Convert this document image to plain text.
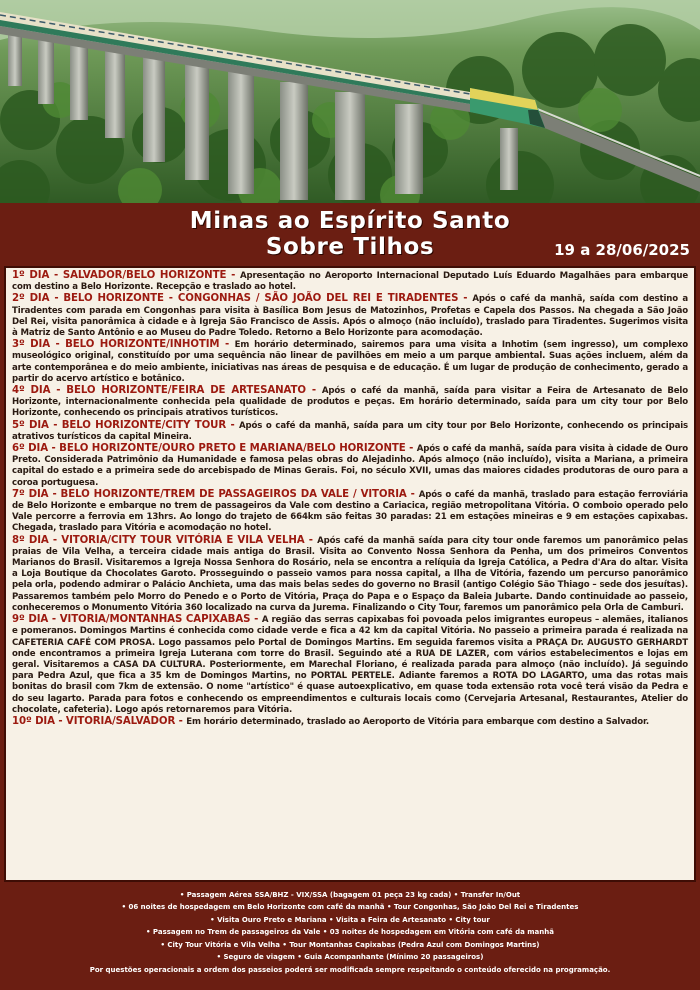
Minas ao Espírito Santo
Sobre Tilhos	19 a 28/06/2025

1º DIA - SALVADOR/BELO HORIZONTE - Apresentação no Aeroporto Internacional Deputado Luís Eduardo Magalhães para embarque com destino a Belo Horizonte. Recepção e traslado ao hotel.

2º DIA - BELO HORIZONTE - CONGONHAS / SÃO JOÃO DEL REI E TIRADENTES - Após o café da manhã, saída com destino a Tiradentes com parada em Congonhas para visita à Basílica Bom Jesus de Matozinhos, Profetas e Capela dos Passos. Na chegada a São João Del Rei, visita panorâmica à cidade e à Igreja São Francisco de Assis. Após o almoço (não incluído), traslado para Tiradentes. Sugerimos visita à Matriz de Santo Antônio e ao Museu do Padre Toledo. Retorno a Belo Horizonte para acomodação.

3º DIA - BELO HORIZONTE/INHOTIM - Em horário determinado, sairemos para uma visita a Inhotim (sem ingresso), um complexo museológico original, constituído por uma sequência não linear de pavilhões em meio a um parque ambiental. Suas ações incluem, além da arte contemporânea e do meio ambiente, iniciativas nas áreas de pesquisa e de educação. É um lugar de produção de conhecimento, gerado a partir do acervo artístico e botânico.

4º DIA - BELO HORIZONTE/FEIRA DE ARTESANATO - Após o café da manhã, saída para visitar a Feira de Artesanato de Belo Horizonte, internacionalmente conhecida pela qualidade de produtos e peças. Em horário determinado, saída para um city tour por Belo Horizonte, conhecendo os principais atrativos turísticos.

5º DIA - BELO HORIZONTE/CITY TOUR - Após o café da manhã, saída para um city tour por Belo Horizonte, conhecendo os principais atrativos turísticos da capital Mineira.

6º DIA - BELO HORIZONTE/OURO PRETO E MARIANA/BELO HORIZONTE - Após o café da manhã, saída para visita à cidade de Ouro Preto. Considerada Patrimônio da Humanidade e famosa pelas obras do Alejadinho. Após almoço (não incluído), visita a Mariana, a primeira capital do estado e a primeira sede do arcebispado de Minas Gerais. Foi, no século XVII, umas das maiores cidades produtoras de ouro para a coroa portuguesa.

7º DIA - BELO HORIZONTE/TREM DE PASSAGEIROS DA VALE / VITORIA - Após o café da manhã, traslado para estação ferroviária de Belo Horizonte e embarque no trem de passageiros da Vale com destino a Cariacica, região metropolitana Vitória. O comboio operado pelo Vale percorre a ferrovia em 13hrs. Ao longo do trajeto de 664km são feitas 30 paradas: 21 em estações mineiras e 9 em estações capixabas. Chegada, traslado para Vitória e acomodação no hotel.

8º DIA - VITORIA/CITY TOUR VITÓRIA E VILA VELHA - Após café da manhã saída para city tour onde faremos um panorâmico pelas praias de Vila Velha, a terceira cidade mais antiga do Brasil. Visita ao Convento Nossa Senhora da Penha, um dos primeiros Conventos Marianos do Brasil. Visitaremos a Igreja Nossa Senhora do Rosário, nela se encontra a relíquia da Igreja Católica, a Pedra d'Ara do altar. Visita a Loja Boutique da Chocolates Garoto. Prosseguindo o passeio vamos para nossa capital, a Ilha de Vitória, fazendo um percurso panorâmico pela orla, podendo admirar o Palácio Anchieta, uma das mais belas sedes do governo no Brasil (antigo Colégio São Thiago – sede dos jesuítas). Passaremos também pelo Morro do Penedo e o Porto de Vitória, Praça do Papa e o Espaço da Baleia Jubarte. Dando continuidade ao passeio, conheceremos o Monumento Vitória 360 localizado na curva da Jurema. Finalizando o City Tour, faremos um panorâmico pela Orla de Camburi.

9º DIA - VITORIA/MONTANHAS CAPIXABAS - A região das serras capixabas foi povoada pelos imigrantes europeus – alemães, italianos e pomeranos. Domingos Martins é conhecida como cidade verde e fica a 42 km da capital Vitória. No passeio a primeira parada é realizada na CAFETERIA CAFÉ COM PROSA. Logo passamos pelo Portal de Domingos Martins. Em seguida faremos visita a PRAÇA Dr. AUGUSTO GERHARDT onde encontramos a primeira Igreja Luterana com torre do Brasil. Seguindo até a RUA DE LAZER, com vários estabelecimentos e lojas em geral. Visitaremos a CASA DA CULTURA. Posteriormente, em Marechal Floriano, é realizada parada para almoço (não incluído). Já seguindo para Pedra Azul, que fica a 35 km de Domingos Martins, no PORTAL PERTELE. Adiante faremos a ROTA DO LAGARTO, uma das rotas mais bonitas do brasil com 7km de extensão. O nome "artístico" é quase autoexplicativo, em quase toda extensão rota você terá visão da Pedra e do seu lagarto. Parada para fotos e conhecendo os empreendimentos e culturais locais como (Cervejaria Artesanal, Restaurantes, Atelier do chocolate, cafeteria). Logo após retornaremos para Vitória.

10º DIA - VITORIA/SALVADOR - Em horário determinado, traslado ao Aeroporto de Vitória para embarque com destino a Salvador.

• Passagem Aérea SSA/BHZ - VIX/SSA (bagagem 01 peça 23 kg cada) • Transfer In/Out
• 06 noites de hospedagem em Belo Horizonte com café da manhã • Tour Congonhas, São João Del Rei e Tiradentes
• Visita Ouro Preto e Mariana • Visita a Feira de Artesanato • City tour
• Passagem no Trem de passageiros da Vale • 03 noites de hospedagem em Vitória com café da manhã
• City Tour Vitória e Vila Velha • Tour Montanhas Capixabas (Pedra Azul com Domingos Martins)
• Seguro de viagem • Guia Acompanhante (Mínimo 20 passageiros)
Por questões operacionais a ordem dos passeios poderá ser modificada sempre respeitando o conteúdo oferecido na programação.
